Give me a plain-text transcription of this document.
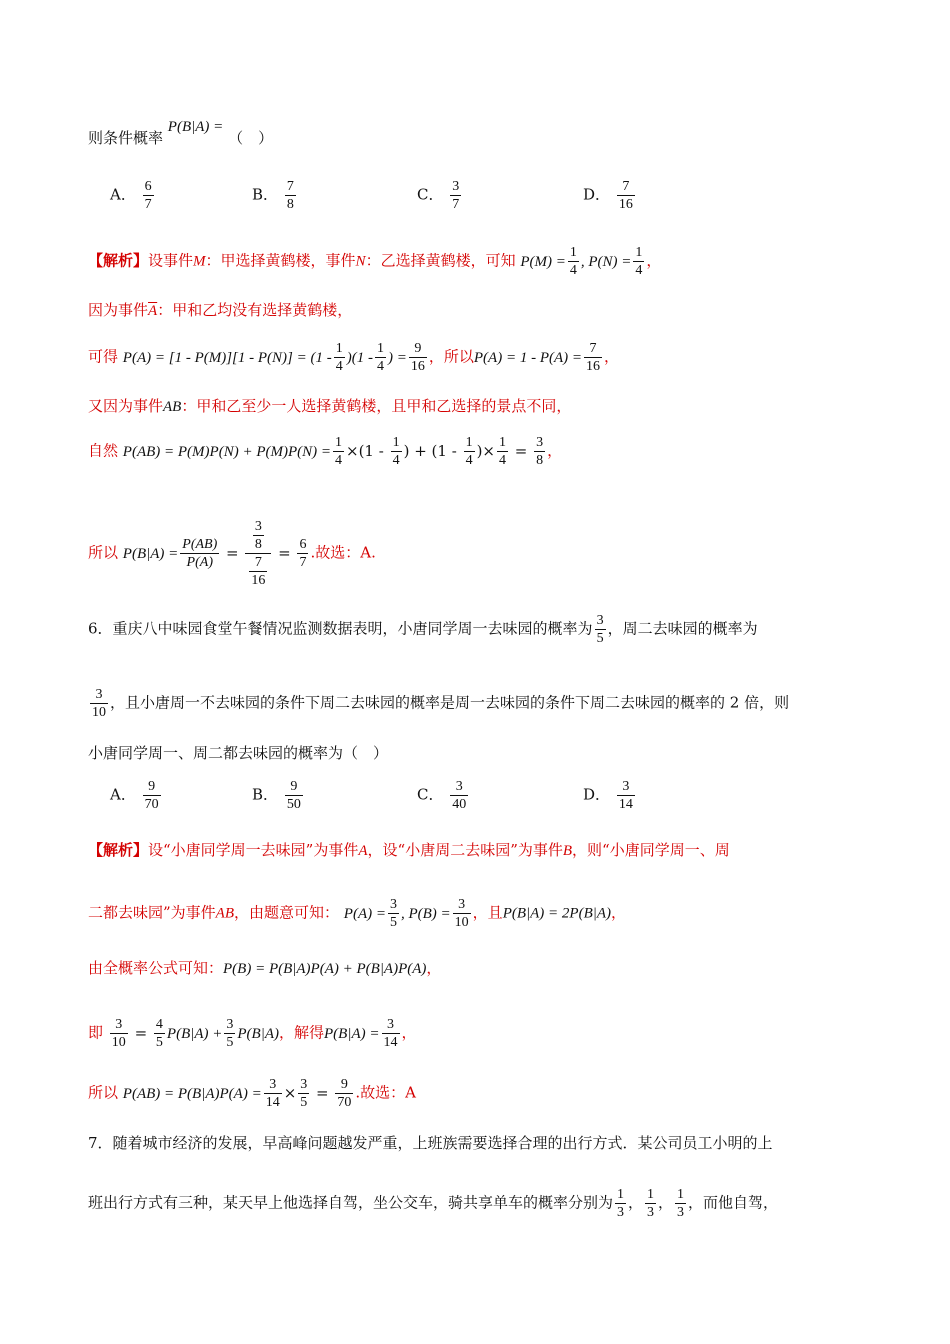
则条件概率 P(B|A) = （　）
A． $\frac{6}{7}$	B． $\frac{7}{8}$	C． $\frac{3}{7}$	D． $\frac{7}{16}$
【解析】设事件M：甲选择黄鹤楼，事件N：乙选择黄鹤楼，可知 $P(M) = \frac{1}{4}$ , $P(N) = \frac{1}{4}$ ，
因为事件$\overline{A}$：甲和乙均没有选择黄鹤楼，
可得 $P(A) = [1 - P(M)][1 - P(N)] = (1 - \frac{1}{4} )(1 - \frac{1}{4}$ ) = $\frac{9}{16}$ ，所以$P(A) = 1 - P(A) = \frac{7}{16}$ ，
又因为事件AB：甲和乙至少一人选择黄鹤楼，且甲和乙选择的景点不同，
自然 $P(AB) = P(M)P(N) + P(M)P(N) = \frac{1}{4} \times(1 - \frac{1}{4}$ ) + ($1 - \frac{1}{4}$ )× $\frac{1}{4} = \frac{3}{8}$ ，
所以 $P(B|A) = \frac{P(AB)}{P(A)} = \frac{\frac{3}{8}}{\frac{7}{16}} = \frac{6}{7}$ .故选：A.
6．重庆八中味园食堂午餐情况监测数据表明，小唐同学周一去味园的概率为 $\frac{3}{5}$ ，周二去味园的概率为
$\frac{3}{10}$ ，且小唐周一不去味园的条件下周二去味园的概率是周一去味园的条件下周二去味园的概率的 2 倍，则
小唐同学周一、周二都去味园的概率为（　）
A． $\frac{9}{70}$	B． $\frac{9}{50}$	C． $\frac{3}{40}$	D． $\frac{3}{14}$
【解析】设“小唐同学周一去味园”为事件A，设“小唐周二去味园”为事件B，则“小唐同学周一、周
二都去味园”为事件AB，由题意可知： $P(A) = \frac{3}{5}$ , $P(B) = \frac{3}{10}$ ，且P(B|A) = 2P(B|A)，
由全概率公式可知：P(B) = P(B|A)P(A) + P(B|A)P(A)，
即 $\frac{3}{10} = \frac{4}{5} P(B|A) + \frac{3}{5} P(B|A)$，解得$P(B|A) = \frac{3}{14}$ ，
所以 $P(AB) = P(B|A)P(A) = \frac{3}{14} \times \frac{3}{5} = \frac{9}{70}$ .故选：A
7．随着城市经济的发展，早高峰问题越发严重，上班族需要选择合理的出行方式．某公司员工小明的上
班出行方式有三种，某天早上他选择自驾，坐公交车，骑共享单车的概率分别为 $\frac{1}{3}$ ， $\frac{1}{3}$ ， $\frac{1}{3}$ ，而他自驾，
